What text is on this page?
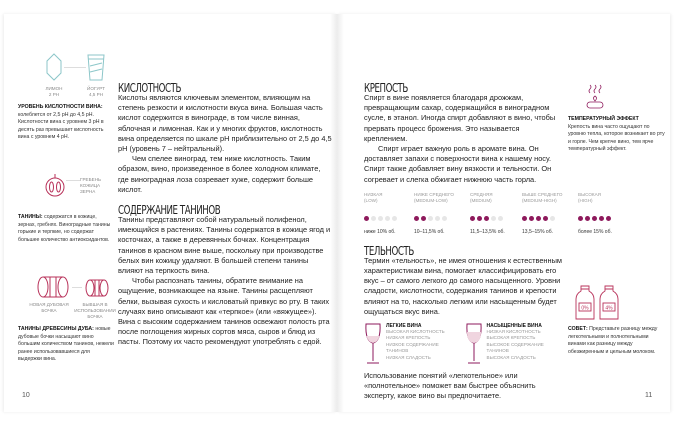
ЛИМОН
2 PH
ЙОГУРТ
4,5 PH
УРОВЕНЬ КИСЛОТНОСТИ ВИНА: колеблется от 2,5 pH до 4,5 pH. Кислотности вина с уровнем 3 pH в десять раз превышает кислотность вина с уровнем 4 pH.
ГРЕБЕНЬ
КОЖИЦА
ЗЕРНА
ТАНИНЫ: содержатся в кожице, зернах, гребнях. Виноградные танины горькие и терпкие, но содержат большее количество антиоксидантов.
НОВАЯ ДУБОВАЯ БОЧКА
БЫВШАЯ В ИСПОЛЬЗОВАНИИ БОЧКА
ТАНИНЫ ДРЕВЕСИНЫ ДУБА: новые дубовые бочки насыщают вино большим количеством танинов, нежели ранее использовавшиеся для выдержки вина.
10
КИСЛОТНОСТЬ

Кислоты являются ключевым элементом, влияющим на степень резкости и кислотности вкуса вина. Большая часть кислот содержится в винограде, в том числе винная, яблочная и лимонная. Как и у многих фруктов, кислотность вина определяется по шкале pH приблизительно от 2,5 до 4,5 pH (уровень 7 – нейтральный).

Чем спелее виноград, тем ниже кислотность. Таким образом, вино, произведенное в более холодном климате, где виноградная лоза созревает хуже, содержит больше кислот.

СОДЕРЖАНИЕ ТАНИНОВ

Танины представляют собой натуральный полифенол, имеющийся в растениях. Танины содержатся в кожице ягод и косточках, а также в деревянных бочках. Концентрация танинов в красном вине выше, поскольку при производстве белых вин кожицу удаляют. В большей степени танины влияют на терпкость вина.

Чтобы распознать танины, обратите внимание на ощущение, возникающее на языке. Танины расщепляют белки, вызывая сухость и кисловатый привкус во рту. В таких случаях вино описывают как «терпкое» (или «вяжущее»). Вина с высоким содержанием танинов освежают полость рта после поглощения жирных сортов мяса, сыров и блюд из пасты. Поэтому их часто рекомендуют употреблять с едой.

КРЕПОСТЬ

Спирт в вине появляется благодаря дрожжам, превращающим сахар, содержащийся в виноградном сусле, в этанол. Иногда спирт добавляют в вино, чтобы прервать процесс брожения. Это называется креплением.

Спирт играет важную роль в аромате вина. Он доставляет запахи с поверхности вина к нашему носу. Спирт также добавляет вину вязкости и тельности. Он согревает и слегка обжигает нижнюю часть горла.

НИЗКАЯ
(LOW)
ниже 10% об.
НИЖЕ СРЕДНЕГО
(MEDIUM-LOW)
10–11,5% об.
СРЕДНЯЯ
(MEDIUM)
11,5–13,5% об.
ВЫШЕ СРЕДНЕГО
(MEDIUM-HIGH)
13,5–15% об.
ВЫСОКАЯ
(HIGH)
более 15% об.
ТЕЛЬНОСТЬ
Термин «тельность», не имея отношения к естественным характеристикам вина, помогает классифицировать его вкус – от самого легкого до самого насыщенного. Уровни сладости, кислотности, содержания танинов и крепости влияют на то, насколько легким или насыщенным будет ощущаться вкус вина.
ЛЕГКИЕ ВИНА
ВЫСОКАЯ КИСЛОТНОСТЬ
НИЗКАЯ КРЕПОСТЬ
НИЗКОЕ СОДЕРЖАНИЕ ТАНИНОВ
НИЗКАЯ СЛАДОСТЬ
НАСЫЩЕННЫЕ ВИНА
НИЗКАЯ КИСЛОТНОСТЬ
ВЫСОКАЯ КРЕПОСТЬ
ВЫСОКОЕ СОДЕРЖАНИЕ ТАНИНОВ
ВЫСОКАЯ СЛАДОСТЬ
Использование понятий «легкотельное» или «полнотельное» поможет вам быстрее объяснить эксперту, какое вино вы предпочитаете.
ТЕМПЕРАТУРНЫЙ ЭФФЕКТ
Крепость вина часто ощущают по уровню тепла, которое возникает во рту и горле. Чем крепче вино, тем ярче температурный эффект.
0%	4%
СОВЕТ: Представьте разницу между легкотельными и полнотельными винами как разницу между обезжиренным и цельным молоком.
11
